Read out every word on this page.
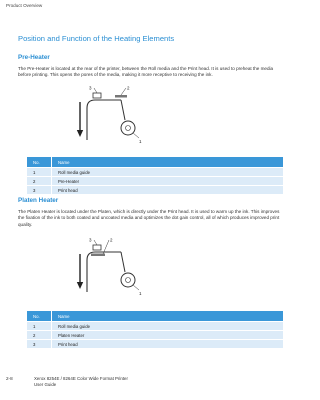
Product Overview
Position and Function of the Heating Elements
Pre-Heater
The Pre-Heater is located at the rear of the printer, between the Roll media and the Print head. It is used to preheat the media before printing. This opens the pores of the media, making it more receptive to receiving the ink.
3	2
1
No.	Name
1	Roll media guide
2	Pre-Heater
3	Print head
Platen Heater
The Platen Heater is located under the Platen, which is directly under the Print head. It is used to warm up the ink. This improves the fixation of the ink to both coated and uncoated media and optimizes the dot gain control, all of which produces improved print quality.
3	2
1
No.	Name
1	Roll media guide
2	Platen Heater
3	Print head
2-8	Xerox 8254E / 8264E Color Wide Format Printer
User Guide
